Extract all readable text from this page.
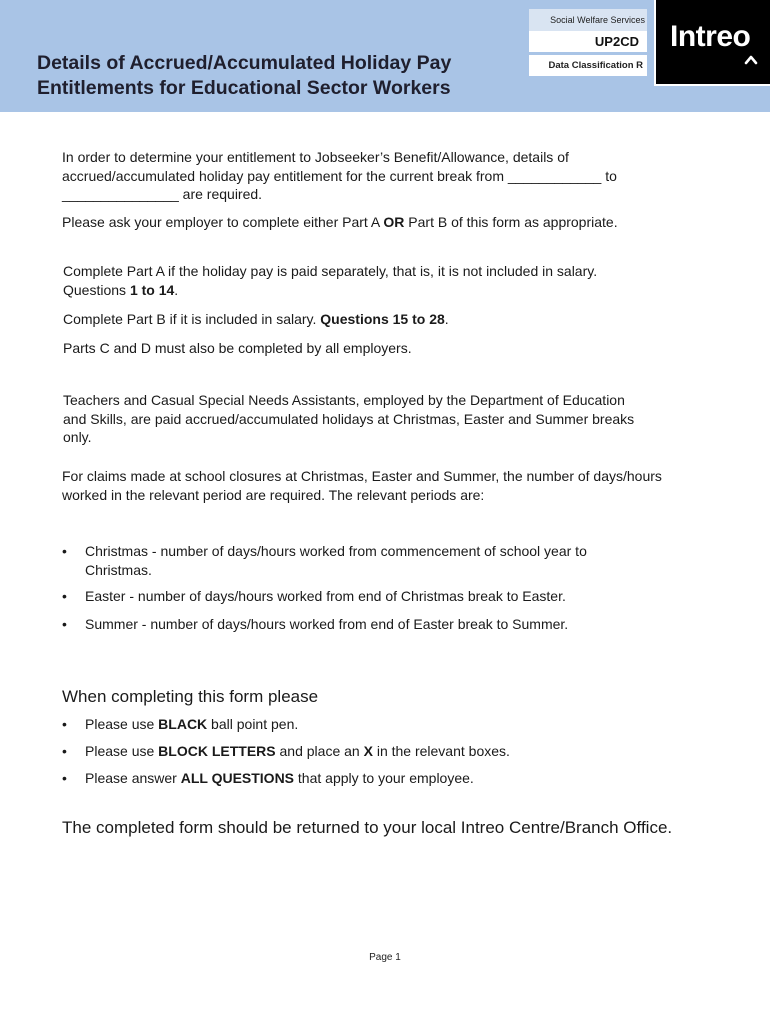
Details of Accrued/Accumulated Holiday Pay
Entitlements for Educational Sector Workers
Social Welfare Services
UP2CD
Data Classification R
Intreo
In order to determine your entitlement to Jobseeker’s Benefit/Allowance, details of
accrued/accumulated holiday pay entitlement for the current break from ____________ to
_______________ are required.
Please ask your employer to complete either Part A OR Part B of this form as appropriate.
Complete Part A if the holiday pay is paid separately, that is, it is not included in salary.
Questions 1 to 14.
Complete Part B if it is included in salary. Questions 15 to 28.
Parts C and D must also be completed by all employers.
Teachers and Casual Special Needs Assistants, employed by the Department of Education
and Skills, are paid accrued/accumulated holidays at Christmas, Easter and Summer breaks
only.
For claims made at school closures at Christmas, Easter and Summer, the number of days/hours
worked in the relevant period are required. The relevant periods are:
• Christmas - number of days/hours worked from commencement of school year to
Christmas.
• Easter - number of days/hours worked from end of Christmas break to Easter.
• Summer - number of days/hours worked from end of Easter break to Summer.
When completing this form please
• Please use BLACK ball point pen.
• Please use BLOCK LETTERS and place an X in the relevant boxes.
• Please answer ALL QUESTIONS that apply to your employee.
The completed form should be returned to your local Intreo Centre/Branch Office.
Page 1
